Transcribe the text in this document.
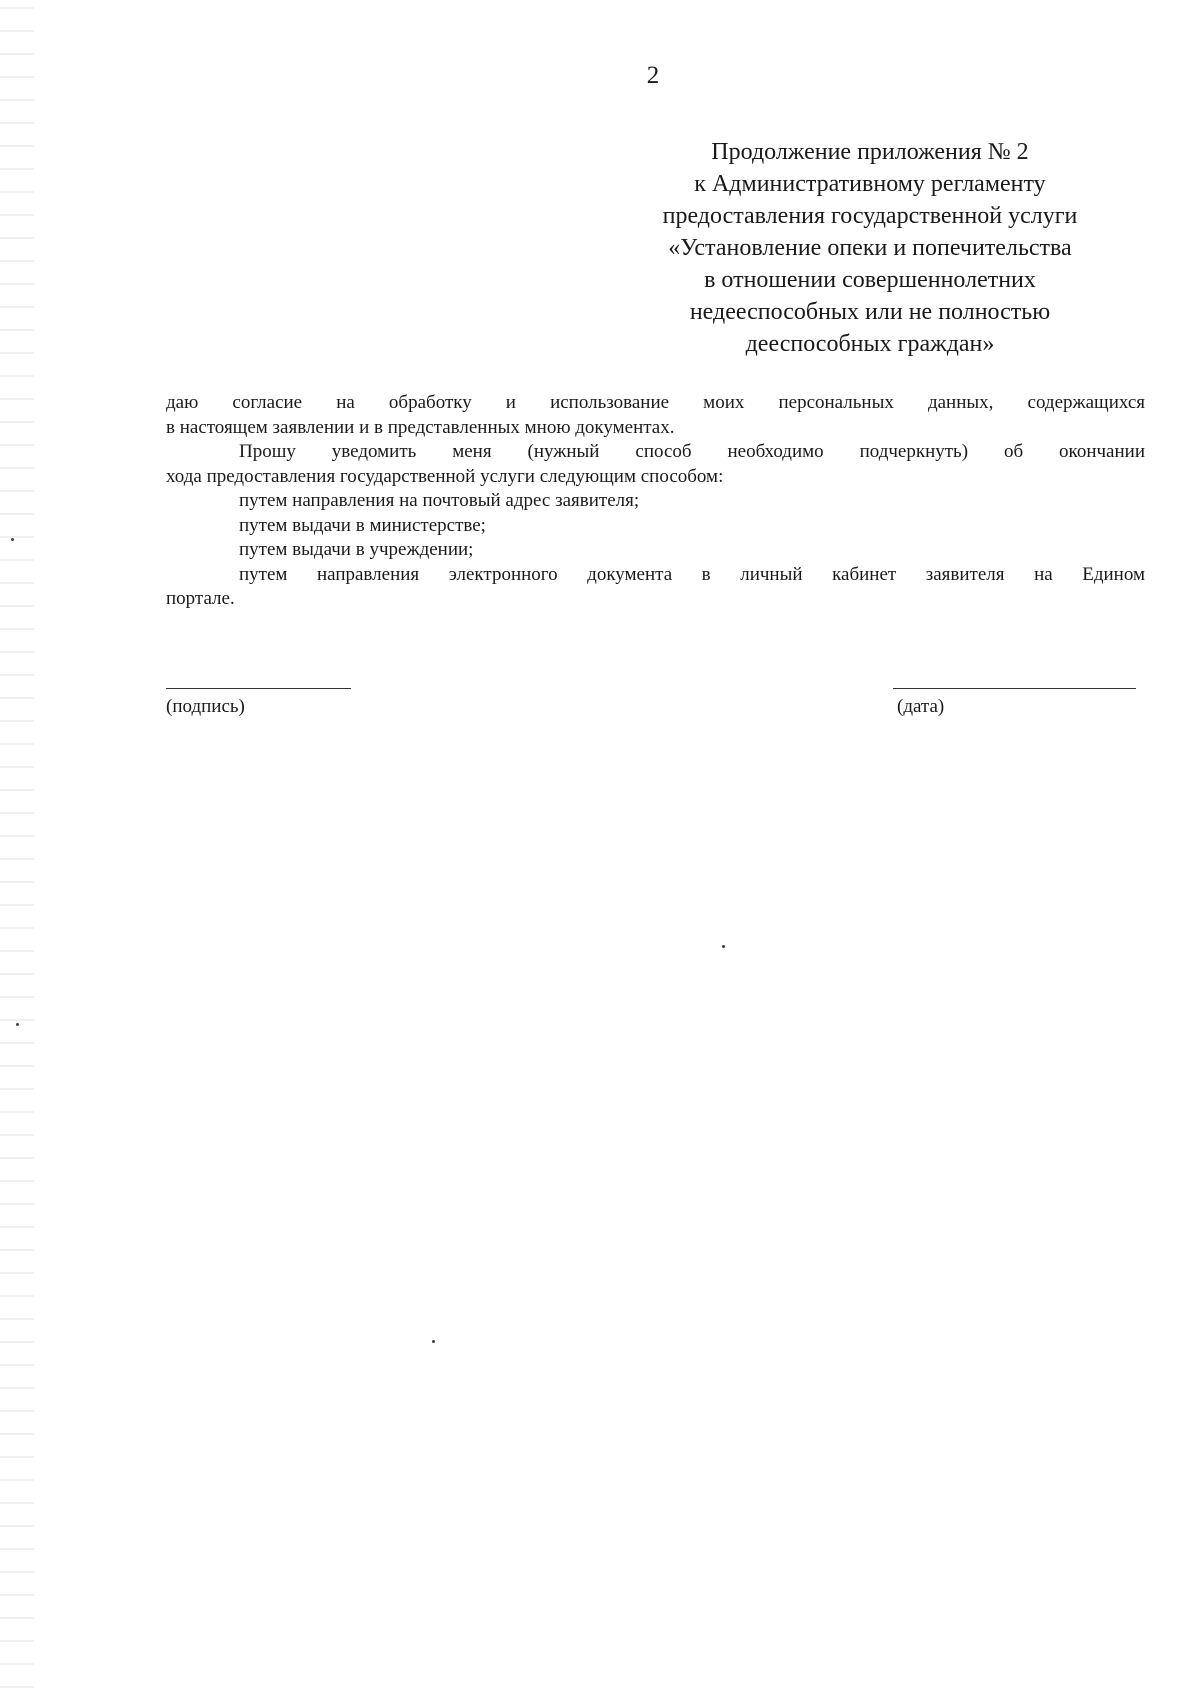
2
Продолжение приложения № 2
к Административному регламенту
предоставления государственной услуги
«Установление опеки и попечительства
в отношении совершеннолетних
недееспособных или не полностью
дееспособных граждан»
даю согласие на обработку и использование моих персональных данных, содержащихся
в настоящем заявлении и в представленных мною документах.
Прошу уведомить меня (нужный способ необходимо подчеркнуть) об окончании
хода предоставления государственной услуги следующим способом:
путем направления на почтовый адрес заявителя;
путем выдачи в министерстве;
путем выдачи в учреждении;
путем направления электронного документа в личный кабинет заявителя на Едином
портале.
(подпись)	(дата)
